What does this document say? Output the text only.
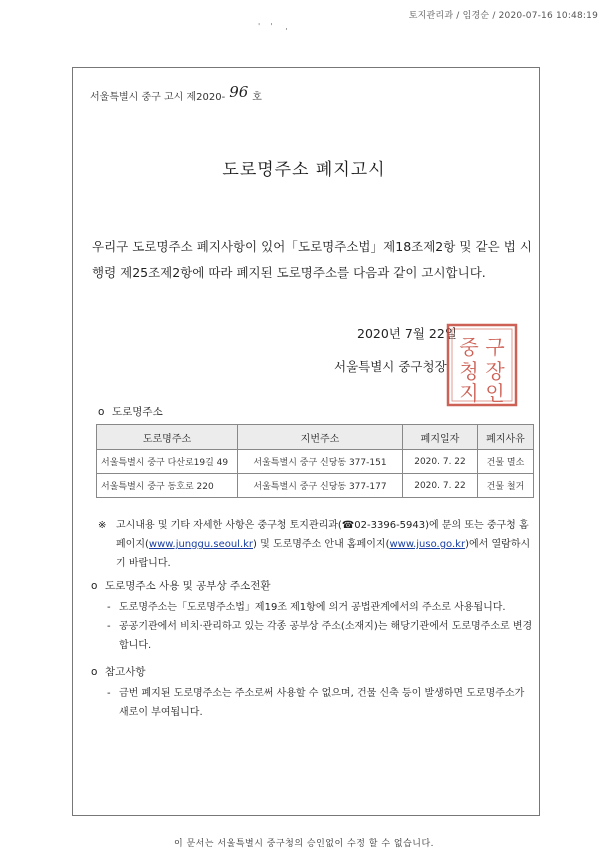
토지관리과 / 임경순 / 2020-07-16 10:48:19
'    '     ,
서울특별시 중구 고시 제2020- 96 호
도로명주소 폐지고시
우리구 도로명주소 폐지사항이 있어「도로명주소법」제18조제2항 및 같은 법 시행령 제25조제2항에 따라 폐지된 도로명주소를 다음과 같이 고시합니다.
2020년 7월 22일
서울특별시 중구청장
중 구
청 장
지 인
o 도로명주소
도로명주소	지번주소	폐지일자	폐지사유
서울특별시 중구 다산로19길 49	서울특별시 중구 신당동 377-151	2020. 7. 22	건물 멸소
서울특별시 중구 동호로 220	서울특별시 중구 신당동 377-177	2020. 7. 22	건물 철거
※ 고시내용 및 기타 자세한 사항은 중구청 토지관리과(☎02-3396-5943)에 문의 또는 중구청 홈페이지(www.junggu.seoul.kr) 및 도로명주소 안내 홈페이지(www.juso.go.kr)에서 열람하시기 바랍니다.
o 도로명주소 사용 및 공부상 주소전환
- 도로명주소는「도로명주소법」제19조 제1항에 의거 공법관계에서의 주소로 사용됩니다.
- 공공기관에서 비치·관리하고 있는 각종 공부상 주소(소재지)는 해당기관에서 도로명주소로 변경합니다.
o 참고사항
- 금번 폐지된 도로명주소는 주소로써 사용할 수 없으며, 건물 신축 등이 발생하면 도로명주소가 새로이 부여됩니다.
이 문서는 서울특별시 중구청의 승인없이 수정 할 수 없습니다.
